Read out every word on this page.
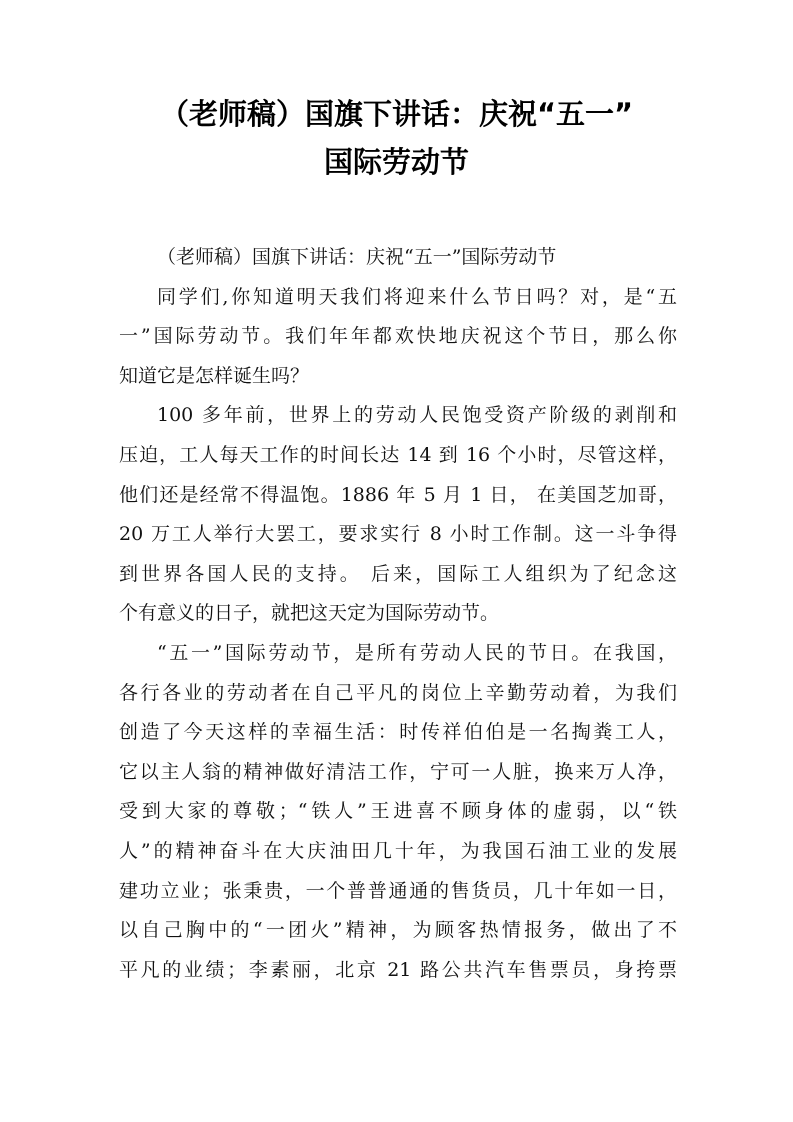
（老师稿）国旗下讲话：庆祝“五一”
国际劳动节
（老师稿）国旗下讲话：庆祝“五一”国际劳动节
同学们,你知道明天我们将迎来什么节日吗？对，是“五
一”国际劳动节。我们年年都欢快地庆祝这个节日，那么你
知道它是怎样诞生吗？
100 多年前，世界上的劳动人民饱受资产阶级的剥削和
压迫，工人每天工作的时间长达 14 到 16 个小时，尽管这样，
他们还是经常不得温饱。1886 年 5 月 1 日， 在美国芝加哥，
20 万工人举行大罢工，要求实行 8 小时工作制。这一斗争得
到世界各国人民的支持。 后来，国际工人组织为了纪念这
个有意义的日子，就把这天定为国际劳动节。
“五一”国际劳动节，是所有劳动人民的节日。在我国，
各行各业的劳动者在自己平凡的岗位上辛勤劳动着，为我们
创造了今天这样的幸福生活：时传祥伯伯是一名掏粪工人，
它以主人翁的精神做好清洁工作，宁可一人脏，换来万人净，
受到大家的尊敬；“铁人”王进喜不顾身体的虚弱，以“铁
人”的精神奋斗在大庆油田几十年，为我国石油工业的发展
建功立业；张秉贵，一个普普通通的售货员，几十年如一日，
以自己胸中的“一团火”精神，为顾客热情报务，做出了不
平凡的业绩；李素丽，北京 21 路公共汽车售票员，身挎票
